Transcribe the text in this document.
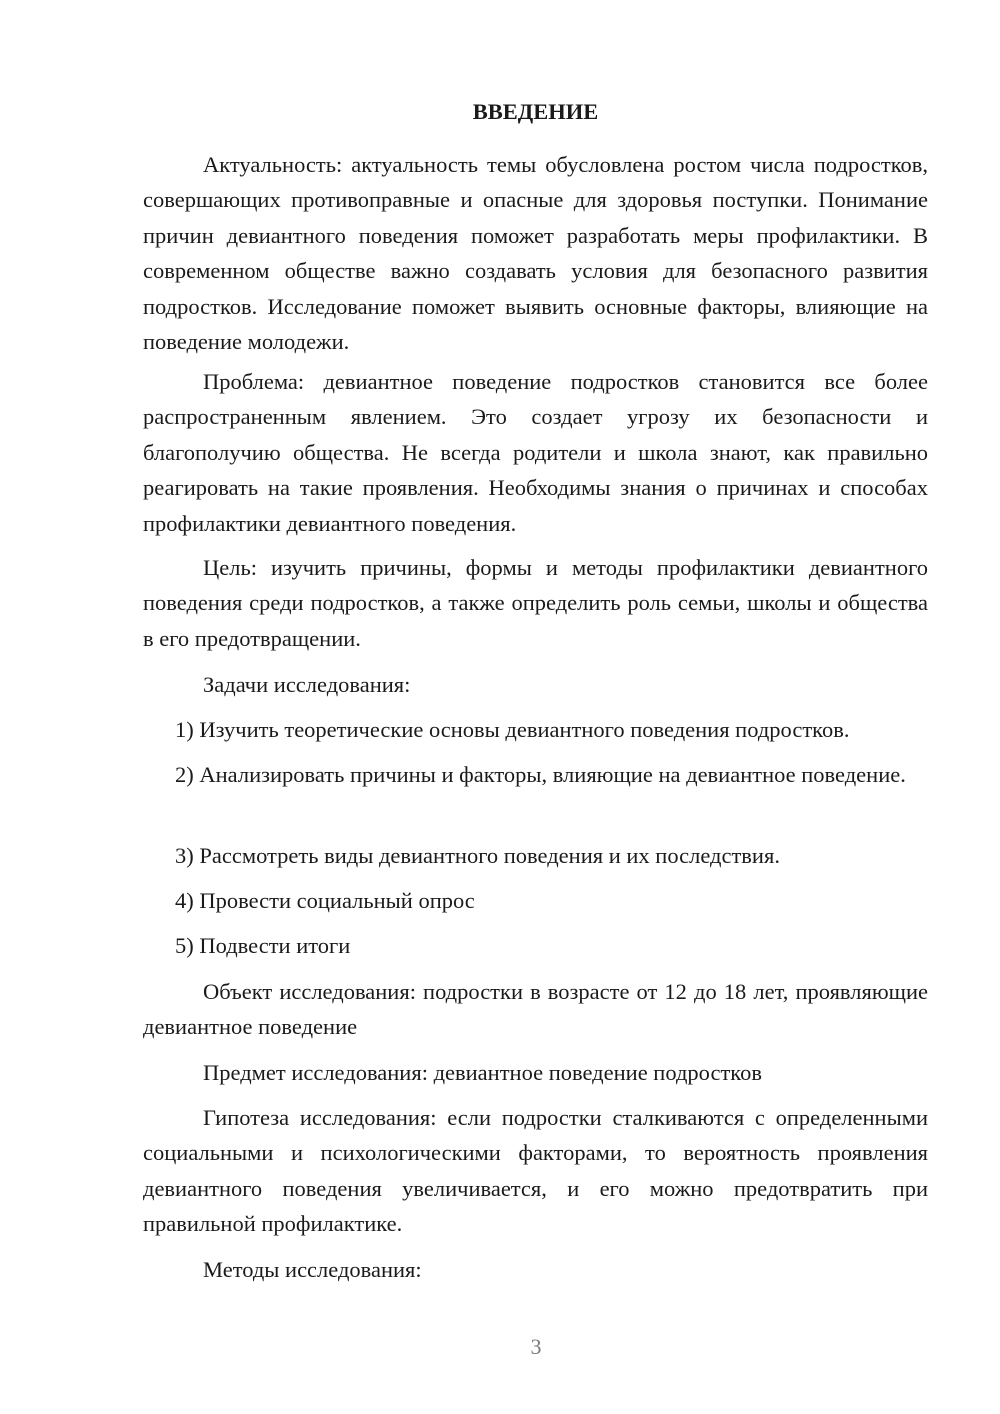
ВВЕДЕНИЕ

Актуальность: актуальность темы обусловлена ростом числа подростков, совершающих противоправные и опасные для здоровья поступки. Понимание причин девиантного поведения поможет разработать меры профилактики. В современном обществе важно создавать условия для безопасного развития подростков. Исследование поможет выявить основные факторы, влияющие на поведение молодежи.

Проблема: девиантное поведение подростков становится все более распространенным явлением. Это создает угрозу их безопасности и благополучию общества. Не всегда родители и школа знают, как правильно реагировать на такие проявления. Необходимы знания о причинах и способах профилактики девиантного поведения.

Цель: изучить причины, формы и методы профилактики девиантного поведения среди подростков, а также определить роль семьи, школы и общества в его предотвращении.

Задачи исследования:

1) Изучить теоретические основы девиантного поведения подростков.

2) Анализировать причины и факторы, влияющие на девиантное поведение.

3) Рассмотреть виды девиантного поведения и их последствия.

4) Провести социальный опрос

5) Подвести итоги

Объект исследования: подростки в возрасте от 12 до 18 лет, проявляющие девиантное поведение

Предмет исследования: девиантное поведение подростков

Гипотеза исследования: если подростки сталкиваются с определенными социальными и психологическими факторами, то вероятность проявления девиантного поведения увеличивается, и его можно предотвратить при правильной профилактике.

Методы исследования:

3
